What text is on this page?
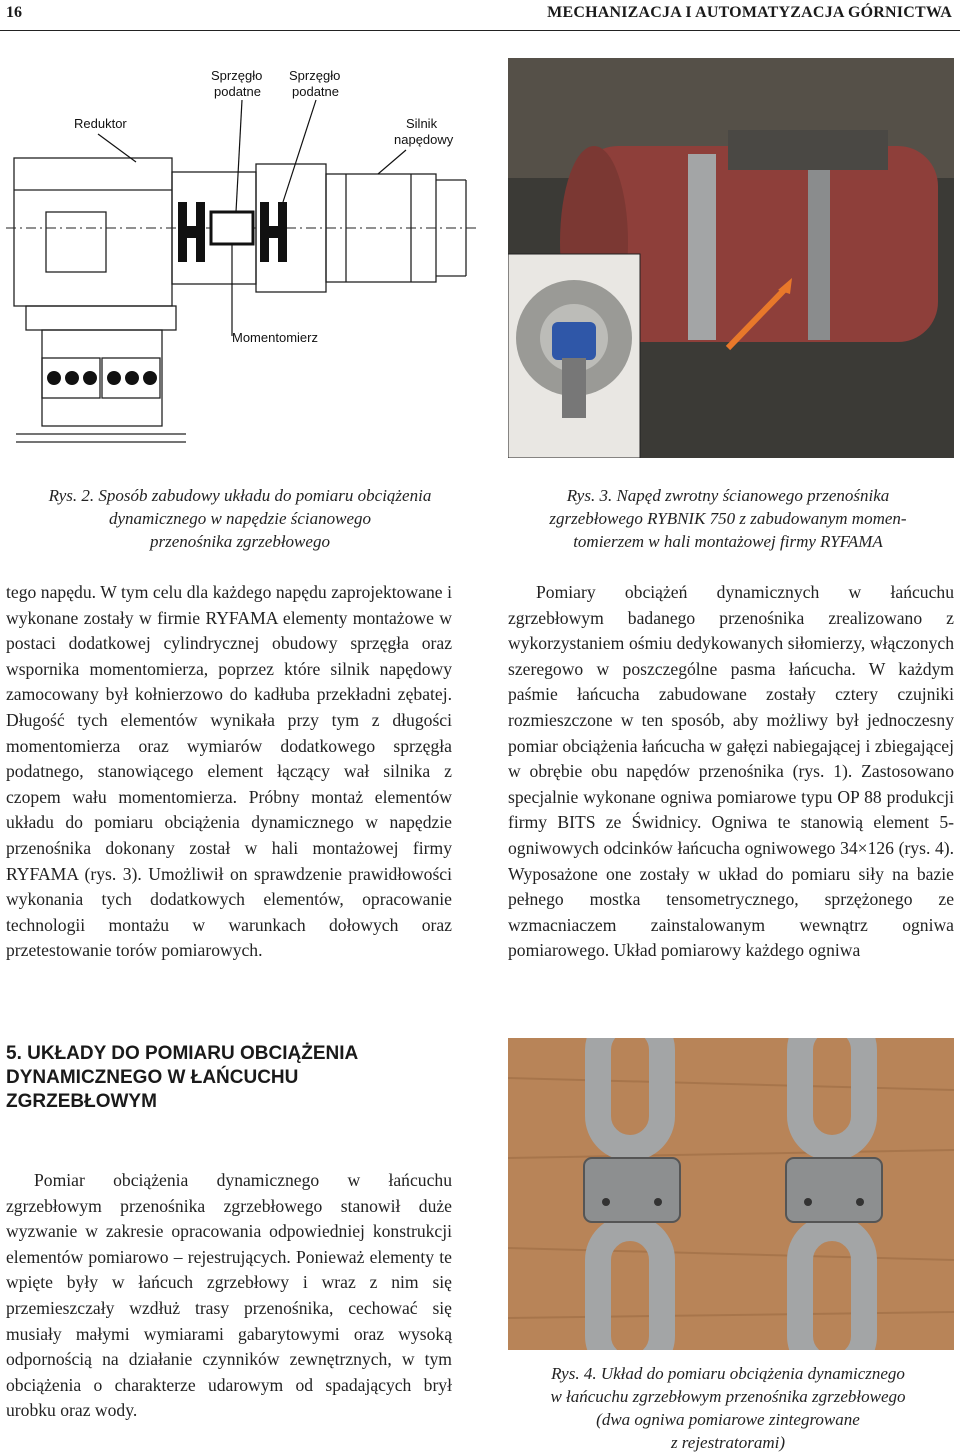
16	MECHANIZACJA I AUTOMATYZACJA GÓRNICTWA
Sprzęgło
podatne
Sprzęgło
podatne
Reduktor	Silnik
napędowy
Momentomierz
Rys. 2. Sposób zabudowy układu do pomiaru obciążenia
dynamicznego w napędzie ścianowego
przenośnika zgrzebłowego
Rys. 3. Napęd zwrotny ścianowego przenośnika
zgrzebłowego RYBNIK 750 z zabudowanym momen-
tomierzem w hali montażowej firmy RYFAMA

tego napędu. W tym celu dla każdego napędu zaprojektowane i wykonane zostały w firmie RYFAMA elementy montażowe w postaci dodatkowej cylindrycznej obudowy sprzęgła oraz wspornika momentomierza, poprzez które silnik napędowy zamocowany był kołnierzowo do kadłuba przekładni zębatej. Długość tych elementów wynikała przy tym z długości momentomierza oraz wymiarów dodatkowego sprzęgła podatnego, stanowiącego element łączący wał silnika z czopem wału momentomierza. Próbny montaż elementów układu do pomiaru obciążenia dynamicznego w napędzie przenośnika dokonany został w hali montażowej firmy RYFAMA (rys. 3). Umożliwił on sprawdzenie prawidłowości wykonania tych dodatkowych elementów, opracowanie technologii montażu w warunkach dołowych oraz przetestowanie torów pomiarowych.

5. UKŁADY DO POMIARU OBCIĄŻENIA
DYNAMICZNEGO W ŁAŃCUCHU
ZGRZEBŁOWYM

Pomiar obciążenia dynamicznego w łańcuchu zgrzebłowym przenośnika zgrzebłowego stanowił duże wyzwanie w zakresie opracowania odpowiedniej konstrukcji elementów pomiarowo – rejestrujących. Ponieważ elementy te wpięte były w łańcuch zgrzebłowy i wraz z nim się przemieszczały wzdłuż trasy przenośnika, cechować się musiały małymi wymiarami gabarytowymi oraz wysoką odpornością na działanie czynników zewnętrznych, w tym obciążenia o charakterze udarowym od spadających brył urobku oraz wody.

Pomiary obciążeń dynamicznych w łańcuchu zgrzebłowym badanego przenośnika zrealizowano z wykorzystaniem ośmiu dedykowanych siłomierzy, włączonych szeregowo w poszczególne pasma łańcucha. W każdym paśmie łańcucha zabudowane zostały cztery czujniki rozmieszczone w ten sposób, aby możliwy był jednoczesny pomiar obciążenia łańcucha w gałęzi nabiegającej i zbiegającej w obrębie obu napędów przenośnika (rys. 1). Zastosowano specjalnie wykonane ogniwa pomiarowe typu OP 88 produkcji firmy BITS ze Świdnicy. Ogniwa te stanowią element 5-ogniwowych odcinków łańcucha ogniwowego 34×126 (rys. 4). Wyposażone one zostały w układ do pomiaru siły na bazie pełnego mostka tensometrycznego, sprzężonego ze wzmacniaczem zainstalowanym wewnątrz ogniwa pomiarowego. Układ pomiarowy każdego ogniwa

Rys. 4. Układ do pomiaru obciążenia dynamicznego
w łańcuchu zgrzebłowym przenośnika zgrzebłowego
(dwa ogniwa pomiarowe zintegrowane
z rejestratorami)
